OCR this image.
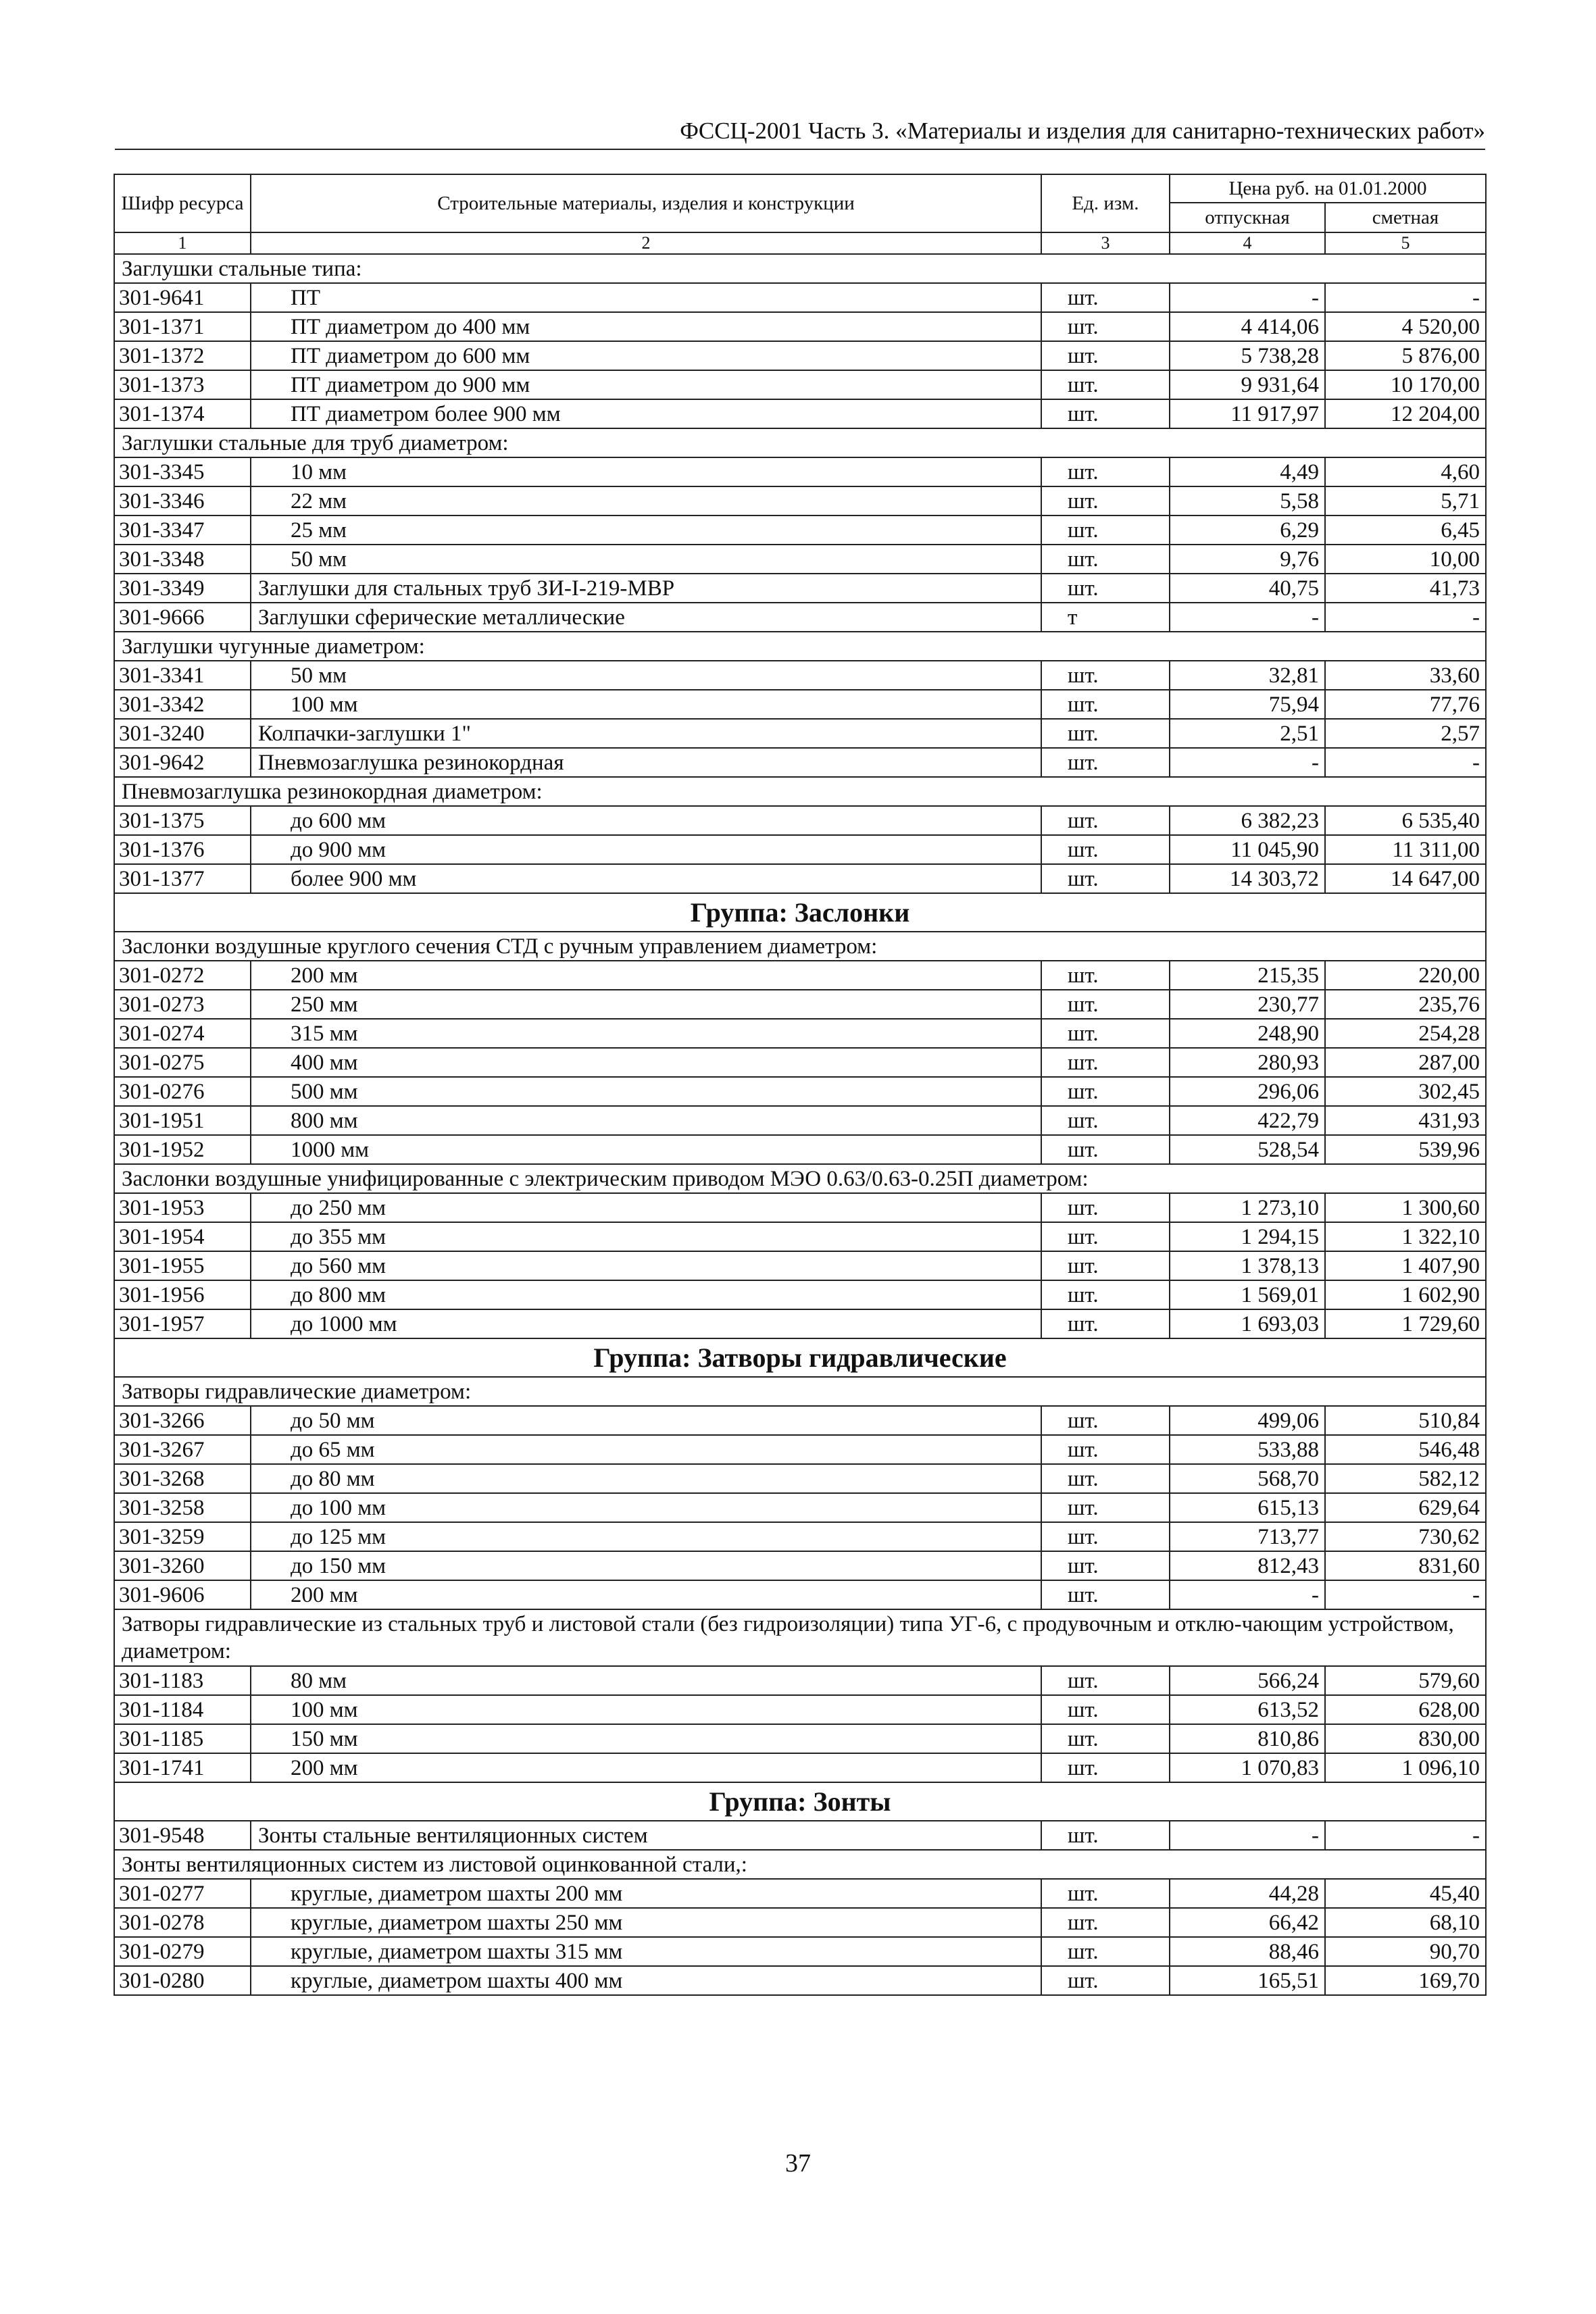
ФССЦ-2001 Часть 3. «Материалы и изделия для санитарно-технических работ»
Шифр ресурса	Строительные материалы, изделия и конструкции	Ед. изм.	Цена руб. на 01.01.2000	
			отпускная	сметная
1	2	3	4	5
Заглушки стальные типа:				
301-9641	ПТ	шт.	-	-
301-1371	ПТ диаметром до 400 мм	шт.	4 414,06	4 520,00
301-1372	ПТ диаметром до 600 мм	шт.	5 738,28	5 876,00
301-1373	ПТ диаметром до 900 мм	шт.	9 931,64	10 170,00
301-1374	ПТ диаметром более 900 мм	шт.	11 917,97	12 204,00
Заглушки стальные для труб диаметром:				
301-3345	10 мм	шт.	4,49	4,60
301-3346	22 мм	шт.	5,58	5,71
301-3347	25 мм	шт.	6,29	6,45
301-3348	50 мм	шт.	9,76	10,00
301-3349	Заглушки для стальных труб ЗИ-I-219-МВР	шт.	40,75	41,73
301-9666	Заглушки сферические металлические	т	-	-
Заглушки чугунные диаметром:				
301-3341	50 мм	шт.	32,81	33,60
301-3342	100 мм	шт.	75,94	77,76
301-3240	Колпачки-заглушки 1"	шт.	2,51	2,57
301-9642	Пневмозаглушка резинокордная	шт.	-	-
Пневмозаглушка резинокордная диаметром:				
301-1375	до 600 мм	шт.	6 382,23	6 535,40
301-1376	до 900 мм	шт.	11 045,90	11 311,00
301-1377	более 900 мм	шт.	14 303,72	14 647,00
Группа: Заслонки				
Заслонки воздушные круглого сечения СТД с ручным управлением диаметром:				
301-0272	200 мм	шт.	215,35	220,00
301-0273	250 мм	шт.	230,77	235,76
301-0274	315 мм	шт.	248,90	254,28
301-0275	400 мм	шт.	280,93	287,00
301-0276	500 мм	шт.	296,06	302,45
301-1951	800 мм	шт.	422,79	431,93
301-1952	1000 мм	шт.	528,54	539,96
Заслонки воздушные унифицированные с электрическим приводом МЭО 0.63/0.63-0.25П диаметром:				
301-1953	до 250 мм	шт.	1 273,10	1 300,60
301-1954	до 355 мм	шт.	1 294,15	1 322,10
301-1955	до 560 мм	шт.	1 378,13	1 407,90
301-1956	до 800 мм	шт.	1 569,01	1 602,90
301-1957	до 1000 мм	шт.	1 693,03	1 729,60
Группа: Затворы гидравлические				
Затворы гидравлические диаметром:				
301-3266	до 50 мм	шт.	499,06	510,84
301-3267	до 65 мм	шт.	533,88	546,48
301-3268	до 80 мм	шт.	568,70	582,12
301-3258	до 100 мм	шт.	615,13	629,64
301-3259	до 125 мм	шт.	713,77	730,62
301-3260	до 150 мм	шт.	812,43	831,60
301-9606	200 мм	шт.	-	-
Затворы гидравлические из стальных труб и листовой стали (без гидроизоляции) типа УГ-6, с продувочным и отклю-чающим устройством, диаметром:				
301-1183	80 мм	шт.	566,24	579,60
301-1184	100 мм	шт.	613,52	628,00
301-1185	150 мм	шт.	810,86	830,00
301-1741	200 мм	шт.	1 070,83	1 096,10
Группа: Зонты				
301-9548	Зонты стальные вентиляционных систем	шт.	-	-
Зонты вентиляционных систем из листовой оцинкованной стали,:				
301-0277	круглые, диаметром шахты 200 мм	шт.	44,28	45,40
301-0278	круглые, диаметром шахты 250 мм	шт.	66,42	68,10
301-0279	круглые, диаметром шахты 315 мм	шт.	88,46	90,70
301-0280	круглые, диаметром шахты 400 мм	шт.	165,51	169,70
37
